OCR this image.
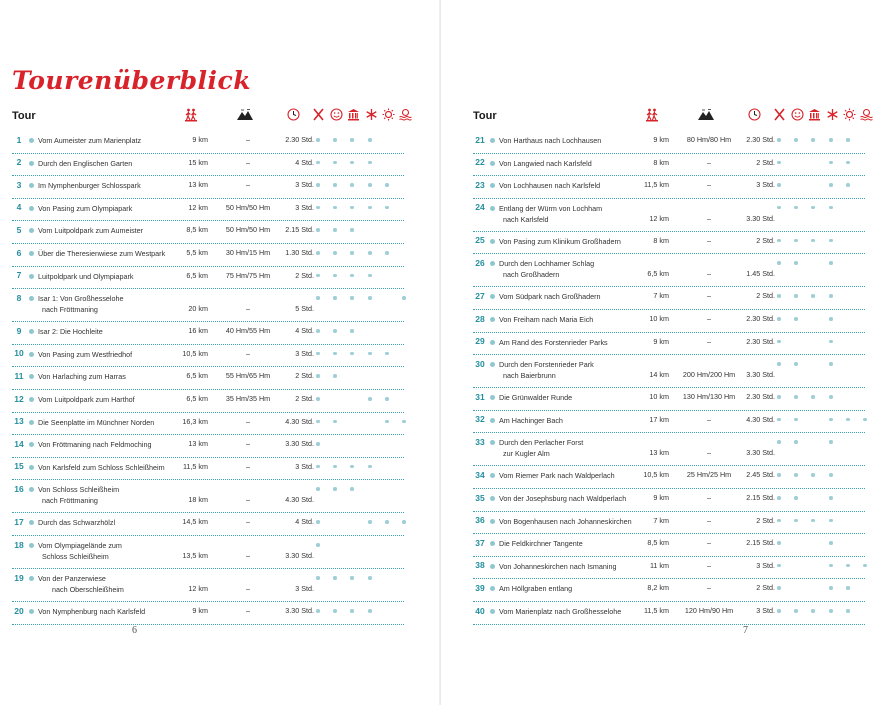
Tourenüberblick
Tour
1	Vom Aumeister zum Marienplatz	9 km	–	2.30 Std.
2	Durch den Englischen Garten	15 km	–	4 Std.
3	Im Nymphenburger Schlosspark	13 km	–	3 Std.
4	Von Pasing zum Olympiapark	12 km	50 Hm/50 Hm	3 Std.
5	Vom Luitpoldpark zum Aumeister	8,5 km	50 Hm/50 Hm	2.15 Std.
6	Über die Theresienwiese zum Westpark	5,5 km	30 Hm/15 Hm	1.30 Std.
7	Luitpoldpark und Olympiapark	6,5 km	75 Hm/75 Hm	2 Std.
8	Isar 1: Von Großhesselohe
nach Fröttmaning	20 km	–	5 Std.
9	Isar 2: Die Hochleite	16 km	40 Hm/55 Hm	4 Std.
10	Von Pasing zum Westfriedhof	10,5 km	–	3 Std.
11	Von Harlaching zum Harras	6,5 km	55 Hm/65 Hm	2 Std.
12	Vom Luitpoldpark zum Harthof	6,5 km	35 Hm/35 Hm	2 Std.
13	Die Seenplatte im Münchner Norden	16,3 km	–	4.30 Std.
14	Von Fröttmaning nach Feldmoching	13 km	–	3.30 Std.
15	Von Karlsfeld zum Schloss Schleißheim	11,5 km	–	3 Std.
16	Von Schloss Schleißheim
nach Fröttmaning	18 km	–	4.30 Std.
17	Durch das Schwarzhölzl	14,5 km	–	4 Std.
18	Vom Olympiagelände zum
Schloss Schleißheim	13,5 km	–	3.30 Std.
19	Von der Panzerwiese
nach Oberschleißheim	12 km	–	3 Std.
20	Von Nymphenburg nach Karlsfeld	9 km	–	3.30 Std.
6
Tour
21	Von Harthaus nach Lochhausen	9 km	80 Hm/80 Hm	2.30 Std.
22	Von Langwied nach Karlsfeld	8 km	–	2 Std.
23	Von Lochhausen nach Karlsfeld	11,5 km	–	3 Std.
24	Entlang der Würm von Lochham
nach Karlsfeld	12 km	–	3.30 Std.
25	Von Pasing zum Klinikum Großhadern	8 km	–	2 Std.
26	Durch den Lochhamer Schlag
nach Großhadern	6,5 km	–	1.45 Std.
27	Vom Südpark nach Großhadern	7 km	–	2 Std.
28	Von Freiham nach Maria Eich	10 km	–	2.30 Std.
29	Am Rand des Forstenrieder Parks	9 km	–	2.30 Std.
30	Durch den Forstenrieder Park
nach Baierbrunn	14 km	200 Hm/200 Hm	3.30 Std.
31	Die Grünwalder Runde	10 km	130 Hm/130 Hm	2.30 Std.
32	Am Hachinger Bach	17 km	–	4.30 Std.
33	Durch den Perlacher Forst
zur Kugler Alm	13 km	–	3.30 Std.
34	Vom Riemer Park nach Waldperlach	10,5 km	25 Hm/25 Hm	2.45 Std.
35	Von der Josephsburg nach Waldperlach	9 km	–	2.15 Std.
36	Von Bogenhausen nach Johanneskirchen	7 km	–	2 Std.
37	Die Feldkirchner Tangente	8,5 km	–	2.15 Std.
38	Von Johanneskirchen nach Ismaning	11 km	–	3 Std.
39	Am Höllgraben entlang	8,2 km	–	2 Std.
40	Vom Marienplatz nach Großhesselohe	11,5 km	120 Hm/90 Hm	3 Std.
7
